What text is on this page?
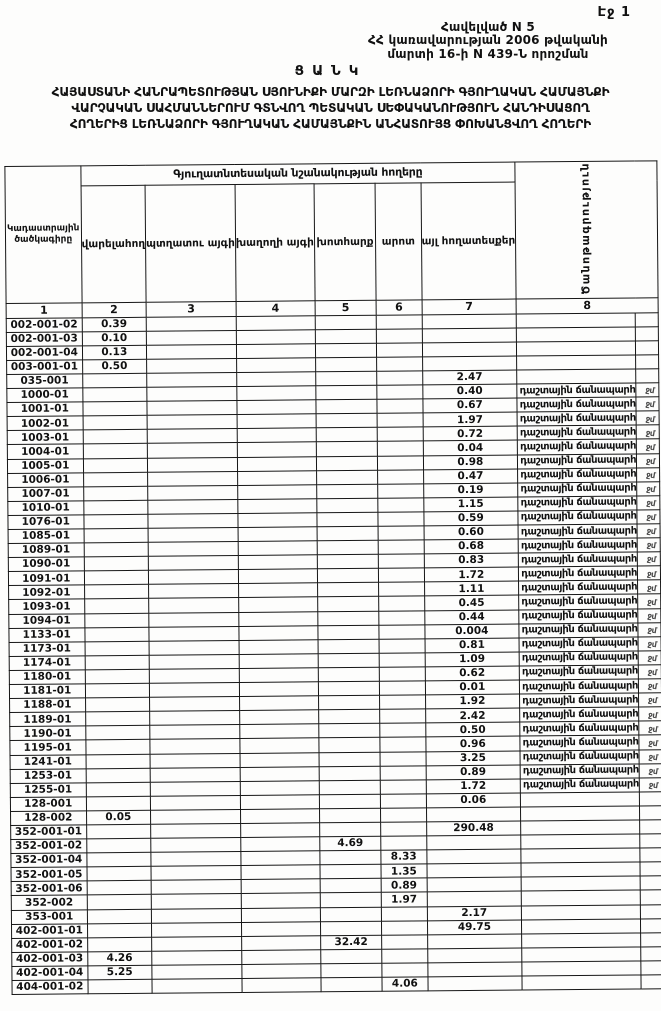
Էջ 1
Հավելված N 5
ՀՀ կառավարության 2006 թվականի
մարտի 16-ի N 439-Ն որոշման
ՑԱՆԿ
ՀԱՅԱՍՏԱՆԻ ՀԱՆՐԱՊԵՏՈՒԹՅԱՆ ՍՅՈՒՆԻՔԻ ՄԱՐԶԻ ԼԵՌՆԱՁՈՐԻ ԳՅՈՒՂԱԿԱՆ ՀԱՄԱՅՆՔԻ
ՎԱՐՉԱԿԱՆ ՍԱՀՄԱՆՆԵՐՈՒՄ ԳՏՆՎՈՂ ՊԵՏԱԿԱՆ ՍԵՓԱԿԱՆՈՒԹՅՈՒՆ ՀԱՆԴԻՍԱՑՈՂ
ՀՈՂԵՐԻՑ ԼԵՌՆԱՁՈՐԻ ԳՅՈՒՂԱԿԱՆ ՀԱՄԱՅՆՔԻՆ ԱՆՀԱՏՈՒՅՑ ՓՈԽԱՆՑՎՈՂ ՀՈՂԵՐԻ
Կադաստրային ծածկագիրը	Գյուղատնտեսական նշանակության հողերը						Ծանոթագրություն	
	վարելահող	պտղատու այգի	խաղողի այգի	խոտհարք	արոտ	այլ հողատեսքեր		
1	2	3	4	5	6	7	8	
002-001-02	0.39							
002-001-03	0.10							
002-001-04	0.13							
003-001-01	0.50							
035-001						2.47		
1000-01						0.40	դաշտային ճանապարհ	ջմ
1001-01						0.67	դաշտային ճանապարհ	ջմ
1002-01						1.97	դաշտային ճանապարհ	ջմ
1003-01						0.72	դաշտային ճանապարհ	ջմ
1004-01						0.04	դաշտային ճանապարհ	ջմ
1005-01						0.98	դաշտային ճանապարհ	ջմ
1006-01						0.47	դաշտային ճանապարհ	ջմ
1007-01						0.19	դաշտային ճանապարհ	ջմ
1010-01						1.15	դաշտային ճանապարհ	ջմ
1076-01						0.59	դաշտային ճանապարհ	ջմ
1085-01						0.60	դաշտային ճանապարհ	ջմ
1089-01						0.68	դաշտային ճանապարհ	ջմ
1090-01						0.83	դաշտային ճանապարհ	ջմ
1091-01						1.72	դաշտային ճանապարհ	ջմ
1092-01						1.11	դաշտային ճանապարհ	ջմ
1093-01						0.45	դաշտային ճանապարհ	ջմ
1094-01						0.44	դաշտային ճանապարհ	ջմ
1133-01						0.004	դաշտային ճանապարհ	ջմ
1173-01						0.81	դաշտային ճանապարհ	ջմ
1174-01						1.09	դաշտային ճանապարհ	ջմ
1180-01						0.62	դաշտային ճանապարհ	ջմ
1181-01						0.01	դաշտային ճանապարհ	ջմ
1188-01						1.92	դաշտային ճանապարհ	ջմ
1189-01						2.42	դաշտային ճանապարհ	ջմ
1190-01						0.50	դաշտային ճանապարհ	ջմ
1195-01						0.96	դաշտային ճանապարհ	ջմ
1241-01						3.25	դաշտային ճանապարհ	ջմ
1253-01						0.89	դաշտային ճանապարհ	ջմ
1255-01						1.72	դաշտային ճանապարհ	ջմ
128-001						0.06		
128-002	0.05							
352-001-01						290.48		
352-001-02				4.69				
352-001-04					8.33			
352-001-05					1.35			
352-001-06					0.89			
352-002					1.97			
353-001						2.17		
402-001-01						49.75		
402-001-02				32.42				
402-001-03	4.26							
402-001-04	5.25							
404-001-02					4.06			
